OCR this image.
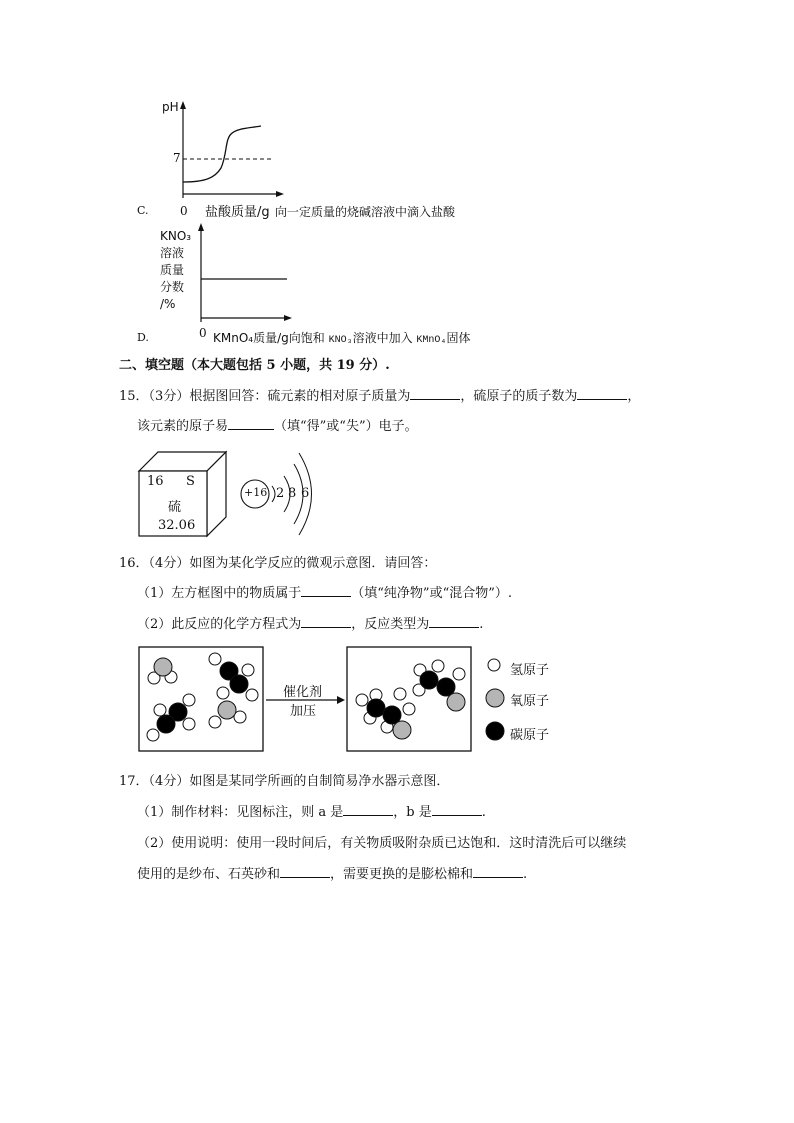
pH
7
C.	0 盐酸质量/g 向一定质量的烧碱溶液中滴入盐酸
KNO₃
溶液
质量
分数
/%
D.	0 KMnO₄质量/g向饱和 KNO₃溶液中加入 KMnO₄固体
二、填空题（本大题包括 5 小题，共 19 分）.
15．（3分）根据图回答：硫元素的相对原子质量为	，硫原子的质子数为	，
该元素的原子易	（填“得”或“失”）电子。
16 S
硫
32.06
+16 2 8 6
16．（4分）如图为某化学反应的微观示意图．请回答：
（1）左方框图中的物质属于	（填“纯净物”或“混合物”）.
（2）此反应的化学方程式为	，反应类型为	.
催化剂
加压
氢原子
氧原子
碳原子
17．（4分）如图是某同学所画的自制简易净水器示意图．
（1）制作材料：见图标注，则 a 是	，b 是	.
（2）使用说明：使用一段时间后，有关物质吸附杂质已达饱和．这时清洗后可以继续
使用的是纱布、石英砂和	，需要更换的是膨松棉和	.
